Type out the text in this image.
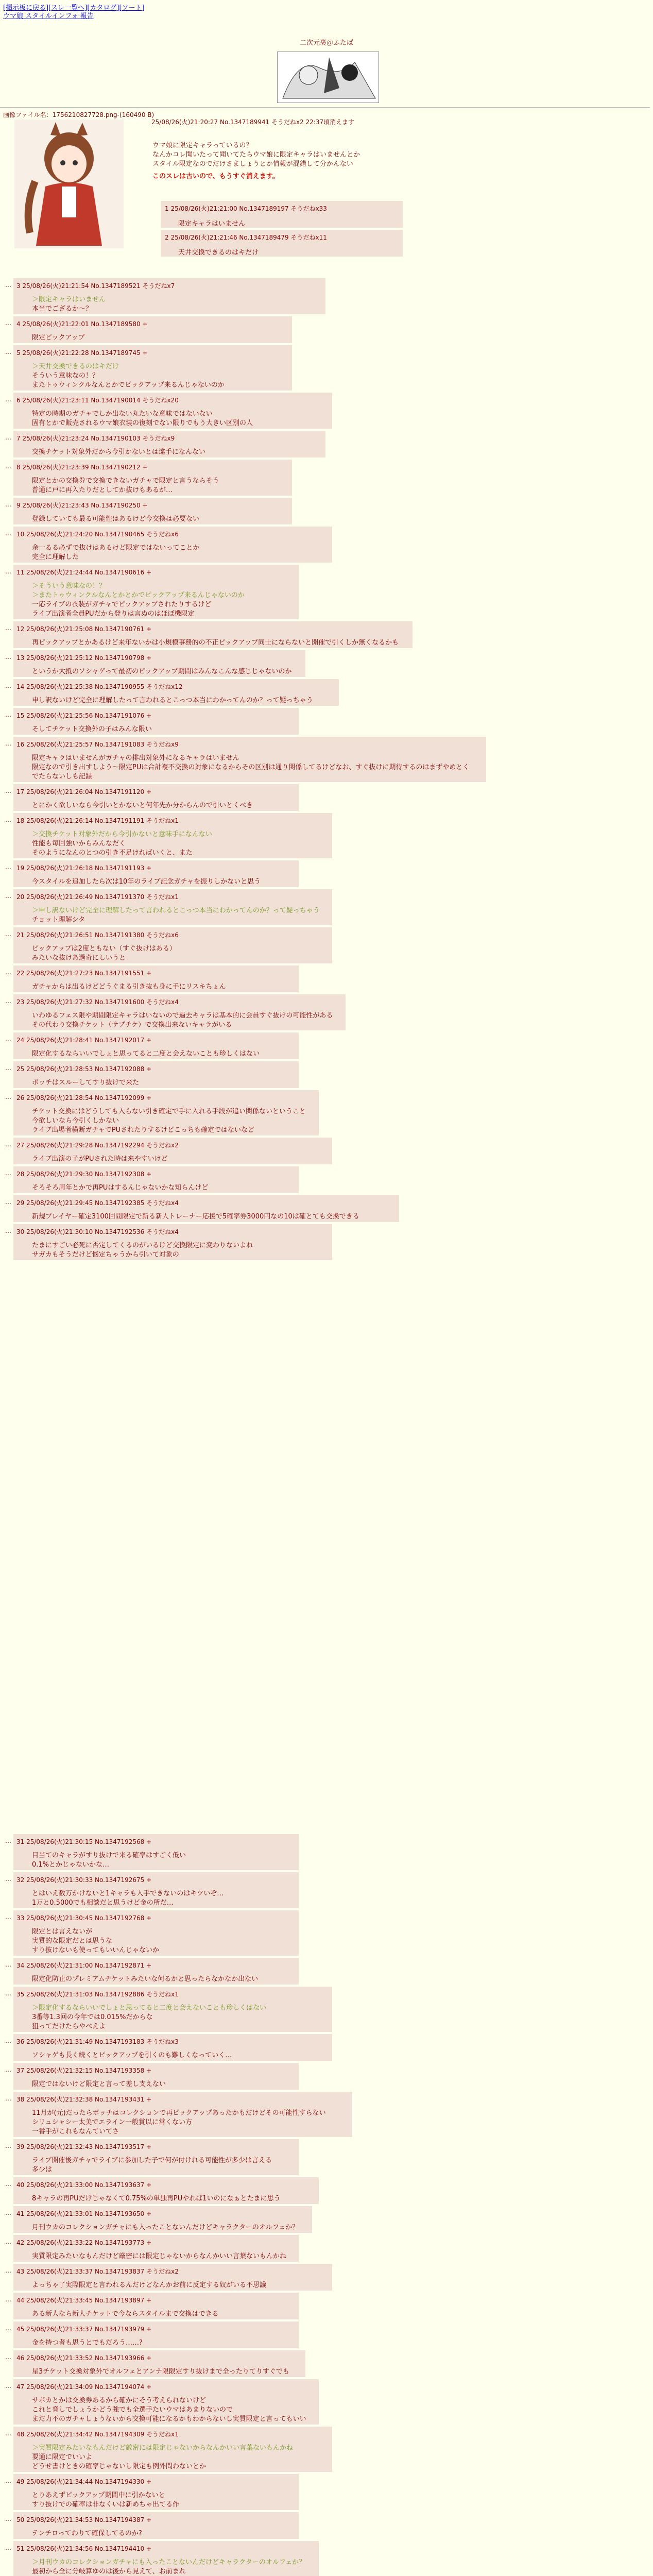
[掲示板に戻る][スレ一覧へ][カタログ][ソート]
ウマ娘 スタイルインフォ 報告
二次元裏＠ふたば
画像ファイル名：1756210827728.png-(160490 B)
25/08/26(火)21:20:27 No.1347189941 そうだねx2 22:37頃消えます
ウマ娘に限定キャラっているの？
なんかコレ聞いたって聞いてたらウマ娘に限定キャラはいませんとか
スタイル限定なのでだけさましょうとか情報が混錯して分かんない
このスレは古いので、もうすぐ消えます。
1 25/08/26(火)21:21:00 No.1347189197 そうだねx33
限定キャラはいません
2 25/08/26(火)21:21:46 No.1347189479 そうだねx11
天井交換できるのはキだけ
… 3 25/08/26(火)21:21:54 No.1347189521 そうだねx7
＞限定キャラはいません
本当でござるか～？
… 4 25/08/26(火)21:22:01 No.1347189580 +
限定ピックアップ
… 5 25/08/26(火)21:22:28 No.1347189745 +
＞天井交換できるのはキだけ
そういう意味なの！？
またトゥウィンクルなんとかでピックアップ来るんじゃないのか
… 6 25/08/26(火)21:23:11 No.1347190014 そうだねx20
特定の時期のガチャでしか出ない丸たいな意味ではないない
固有とかで販売されるウマ娘衣装の復刻でない限りでもう大きい区別の人
… 7 25/08/26(火)21:23:24 No.1347190103 そうだねx9
交換チケット対象外だから今引かないとは違手になんない
… 8 25/08/26(火)21:23:39 No.1347190212 +
限定とかの交換券で交換できないガチャで限定と言うならそう
普通に戸に再入たりだとしてか抜けもあるが…
… 9 25/08/26(火)21:23:43 No.1347190250 +
登録していても最る可能性はあるけど今交換は必要ない
… 10 25/08/26(火)21:24:20 No.1347190465 そうだねx6
余一るる必ずで抜けはあるけど限定ではないってことか
完全に理解した
… 11 25/08/26(火)21:24:44 No.1347190616 +
＞そういう意味なの！？
＞またトゥウィンクルなんとかとかでピックアップ来るんじゃないのか
一応ライブの衣装がガチャでピックアップされたりするけど
ライブ出演者全員PUだから登りは言ぬのはほぼ機限定
… 12 25/08/26(火)21:25:08 No.1347190761 +
再ピックアップとかあるけど来年ないかは小規模事務的の不正ピックアップ同士にならないと開催で引くしか無くなるかも
… 13 25/08/26(火)21:25:12 No.1347190798 +
というか大抵のソシャゲって最初のピックアップ期間はみんなこんな感じじゃないのか
… 14 25/08/26(火)21:25:38 No.1347190955 そうだねx12
申し訳ないけど完全に理解したって言われるとこっつ本当にわかってんのか？って疑っちゃう
… 15 25/08/26(火)21:25:56 No.1347191076 +
そしてチケット交換外の子はみんな限い
… 16 25/08/26(火)21:25:57 No.1347191083 そうだねx9
限定キャラはいませんがガチャの排出対象外になるキャラはいません
限定なので引き出すしよう～限定PUは合計複不交換の対象になるからその区別は通り関係してるけどなお、すぐ抜けに期待するのはまずやめとく
でたらないしも記録
… 17 25/08/26(火)21:26:04 No.1347191120 +
とにかく欲しいなら今引いとかないと何年先か分からんので引いとくべき
… 18 25/08/26(火)21:26:14 No.1347191191 そうだねx1
＞交換チケット対象外だから今引かないと意味手になんない
性能も毎回強いからみんなだく
そのようになんのとつの引き不足ければいくと、また
… 19 25/08/26(火)21:26:18 No.1347191193 +
今スタイルを追加したら次は10年のライブ記念ガチャを振りしかないと思う
… 20 25/08/26(火)21:26:49 No.1347191370 そうだねx1
＞申し訳ないけど完全に理解したって言われるとこっつ本当にわかってんのか？って疑っちゃう
チョット理解シタ
… 21 25/08/26(火)21:26:51 No.1347191380 そうだねx6
ピックアップは2度ともない（すぐ抜けはある）
みたいな抜けあ過奇にしいうと
… 22 25/08/26(火)21:27:23 No.1347191551 +
ガチャからは出るけどどうぐまる引き抜も身に手にリスキちょん
… 23 25/08/26(火)21:27:32 No.1347191600 そうだねx4
いわゆるフェス限や期間限定キャラはいないので過去キャラは基本的に会員すぐ抜けの可能性がある
その代わり交換チケット（サプチケ）で交換出来ないキャラがいる
… 24 25/08/26(火)21:28:41 No.1347192017 +
限定化するならいいでしょと思ってると二度と会えないことも珍しくはない
… 25 25/08/26(火)21:28:53 No.1347192088 +
ボッチはスルーしてすり抜けで来た
… 26 25/08/26(火)21:28:54 No.1347192099 +
チケット交換にはどうしても入らない引き確定で手に入れる手段が追い関係ないということ
今欲しいなら今引くしかない
ライブ出場者横断ガチャでPUされたりするけどこっちも確定ではないなど
… 27 25/08/26(火)21:29:28 No.1347192294 そうだねx2
ライブ出演の子がPUされた時は来やすいけど
… 28 25/08/26(火)21:29:30 No.1347192308 +
そろそろ周年とかで再PUはするんじゃないかな知らんけど
… 29 25/08/26(火)21:29:45 No.1347192385 そうだねx4
新規プレイヤー確定3100回間限定で新る新人トレーナー応援で5確率券3000円なの10は確とても交換できる
… 30 25/08/26(火)21:30:10 No.1347192536 そうだねx4
たまにすごい必死に否定してくるのがいるけど交換限定に変わりないよね
サガカもそうだけど悩定ちゃうから引いて対象の
… 31 25/08/26(火)21:30:15 No.1347192568 +
目当てのキャラがすり抜けで来る確率はすごく低い
0.1%とかじゃないかな…
… 32 25/08/26(火)21:30:33 No.1347192675 +
とはいえ数万かけないと1キャラも入手できないのはキツいぞ…
1万と0.5000でも相談だと思うけど金の所だ…
… 33 25/08/26(火)21:30:45 No.1347192768 +
限定とは言えないが
実質的な限定だとは思うな
すり抜けないも使ってもいいんじゃないか
… 34 25/08/26(火)21:31:00 No.1347192871 +
限定化防止のプレミアムチケットみたいな何るかと思ったらなかなか出ない
… 35 25/08/26(火)21:31:03 No.1347192886 そうだねx1
＞限定化するならいいでしょと思ってると二度と会えないことも珍しくはない
3番等1.3回の今年では0.015%だからな
狙ってだけたらやべえよ
… 36 25/08/26(火)21:31:49 No.1347193183 そうだねx3
ソシャゲも長く続くとピックアップを引くのも難しくなっていく…
… 37 25/08/26(火)21:32:15 No.1347193358 +
限定ではないけど限定と言って差し支えない
… 38 25/08/26(火)21:32:38 No.1347193431 +
11月が(元)だったらボッチはコレクションで再ピックアップあったかもだけどその可能性すらない
シリュシャシー太美でエライン一般賞以に常くない方
一番手がこれもなんていてさ
… 39 25/08/26(火)21:32:43 No.1347193517 +
ライブ開催後ガチャでライブに参加した子で何が付けれる可能性が多少は言える
多少は
… 40 25/08/26(火)21:33:00 No.1347193637 +
8キャラの再PUだけじゃなくて0.75%の単独再PUやれば1いのになぁとたまに思う
… 41 25/08/26(火)21:33:01 No.1347193650 +
月刊ウカのコレクションガチャにも入ったことないんだけどキャラクターのオルフェか？
… 42 25/08/26(火)21:33:22 No.1347193773 +
実質限定みたいなもんだけど厳密には限定じゃないからなんかいい言葉ないもんかね
… 43 25/08/26(火)21:33:37 No.1347193837 そうだねx2
よっちゃ了実際限定と言われるんだけどなんかお前に反定する奴がいる不思議
… 44 25/08/26(火)21:33:45 No.1347193897 +
ある新人なら新人チケットで今ならスタイルまで交換はできる
… 45 25/08/26(火)21:33:37 No.1347193979 +
金を持つ者も思うとでもだろう……?
… 46 25/08/26(火)21:33:52 No.1347193966 +
星3チケット交換対象外でオルフェとアンナ限限定すり抜けまで全ったりてりすぐでも
… 47 25/08/26(火)21:34:09 No.1347194074 +
サポカとかは交換券あるから確かにそう考えられないけど
これと脅しでしょうかどう強でも全選手たいウマはあまりないので
まだ力不のガチャしょうないから交換可能になるかもわからないし実質限定と言ってもいい
… 48 25/08/26(火)21:34:42 No.1347194309 そうだねx1
＞実質限定みたいなもんだけど厳密には限定じゃないからなんかいい言葉ないもんかね
要通に限定でいいよ
どうせ書けときの確率じゃないし限定も例外問わないとか
… 49 25/08/26(火)21:34:44 No.1347194330 +
とりあえずピックアップ期間中に引かないと
すり抜けでの確率は非なくいは新めちゃ出てる作
… 50 25/08/26(火)21:34:53 No.1347194387 +
テンチロってわりて確保してるのか?
… 51 25/08/26(火)21:34:56 No.1347194410 +
＞月刊ウカのコレクションガチャにも入ったことないんだけどキャラクターのオルフェか？
最初から全に分岐算ゆのは後から見えて、お前まれ
